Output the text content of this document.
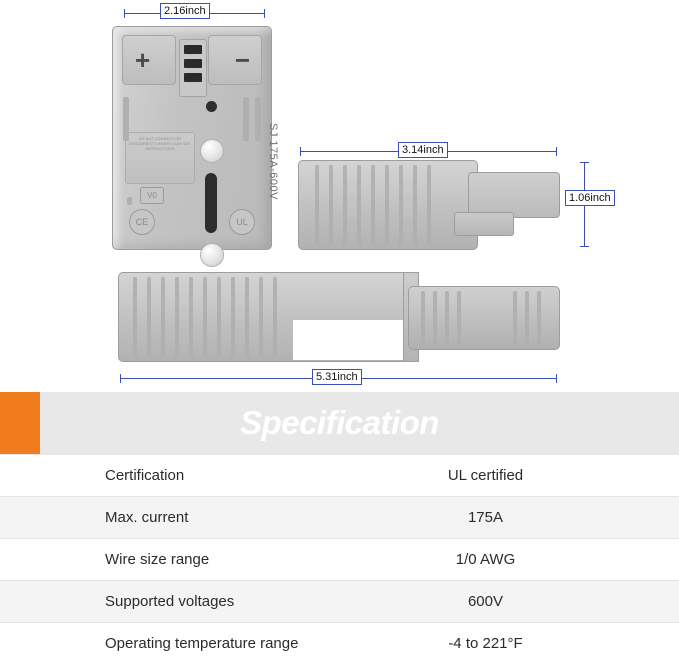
2.16inch
+	−
DO NOT CONNECT OR DISCONNECT UNDER LOAD SEE INSTRUCTIONS	SJ 175A-600V
V0
CE	UL
3.14inch
1.06inch
5.31inch
Specification
Certification	UL certified
Max. current	175A
Wire size range	1/0 AWG
Supported voltages	600V
Operating temperature range	-4 to 221°F
